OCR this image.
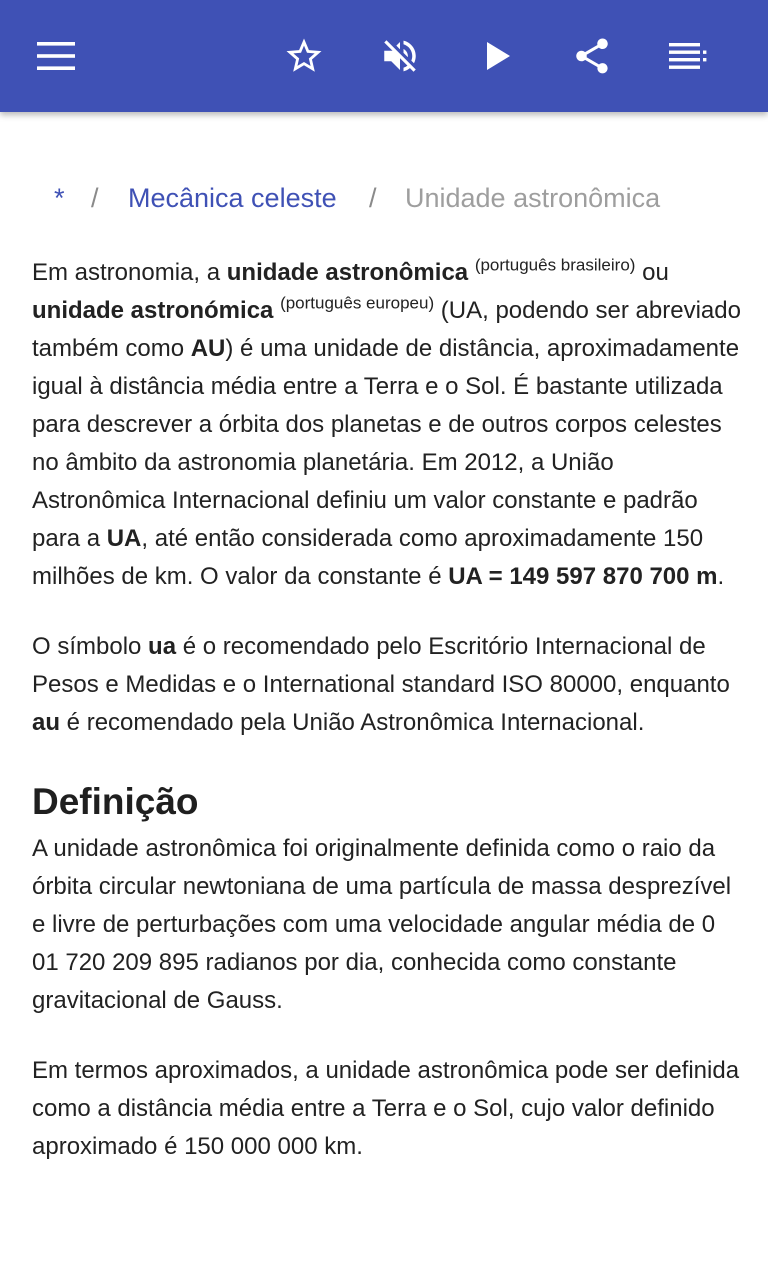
* / Mecânica celeste / Unidade astronômica

Em astronomia, a unidade astronômica $^{(português brasileiro)}$ ou unidade astronómica $^{(português europeu)}$ (UA, podendo ser abreviado também como AU) é uma unidade de distância, aproximadamente igual à distância média entre a Terra e o Sol. É bastante utilizada para descrever a órbita dos planetas e de outros corpos celestes no âmbito da astronomia planetária. Em 2012, a União Astronômica Internacional definiu um valor constante e padrão para a UA, até então considerada como aproximadamente 150 milhões de km. O valor da constante é UA = 149 597 870 700 m.

O símbolo ua é o recomendado pelo Escritório Internacional de Pesos e Medidas e o International standard ISO 80000, enquanto au é recomendado pela União Astronômica Internacional.

Definição

A unidade astronômica foi originalmente definida como o raio da órbita circular newtoniana de uma partícula de massa desprezível e livre de perturbações com uma velocidade angular média de 0 01 720 209 895 radianos por dia, conhecida como constante gravitacional de Gauss.

Em termos aproximados, a unidade astronômica pode ser definida como a distância média entre a Terra e o Sol, cujo valor definido aproximado é 150 000 000 km.
